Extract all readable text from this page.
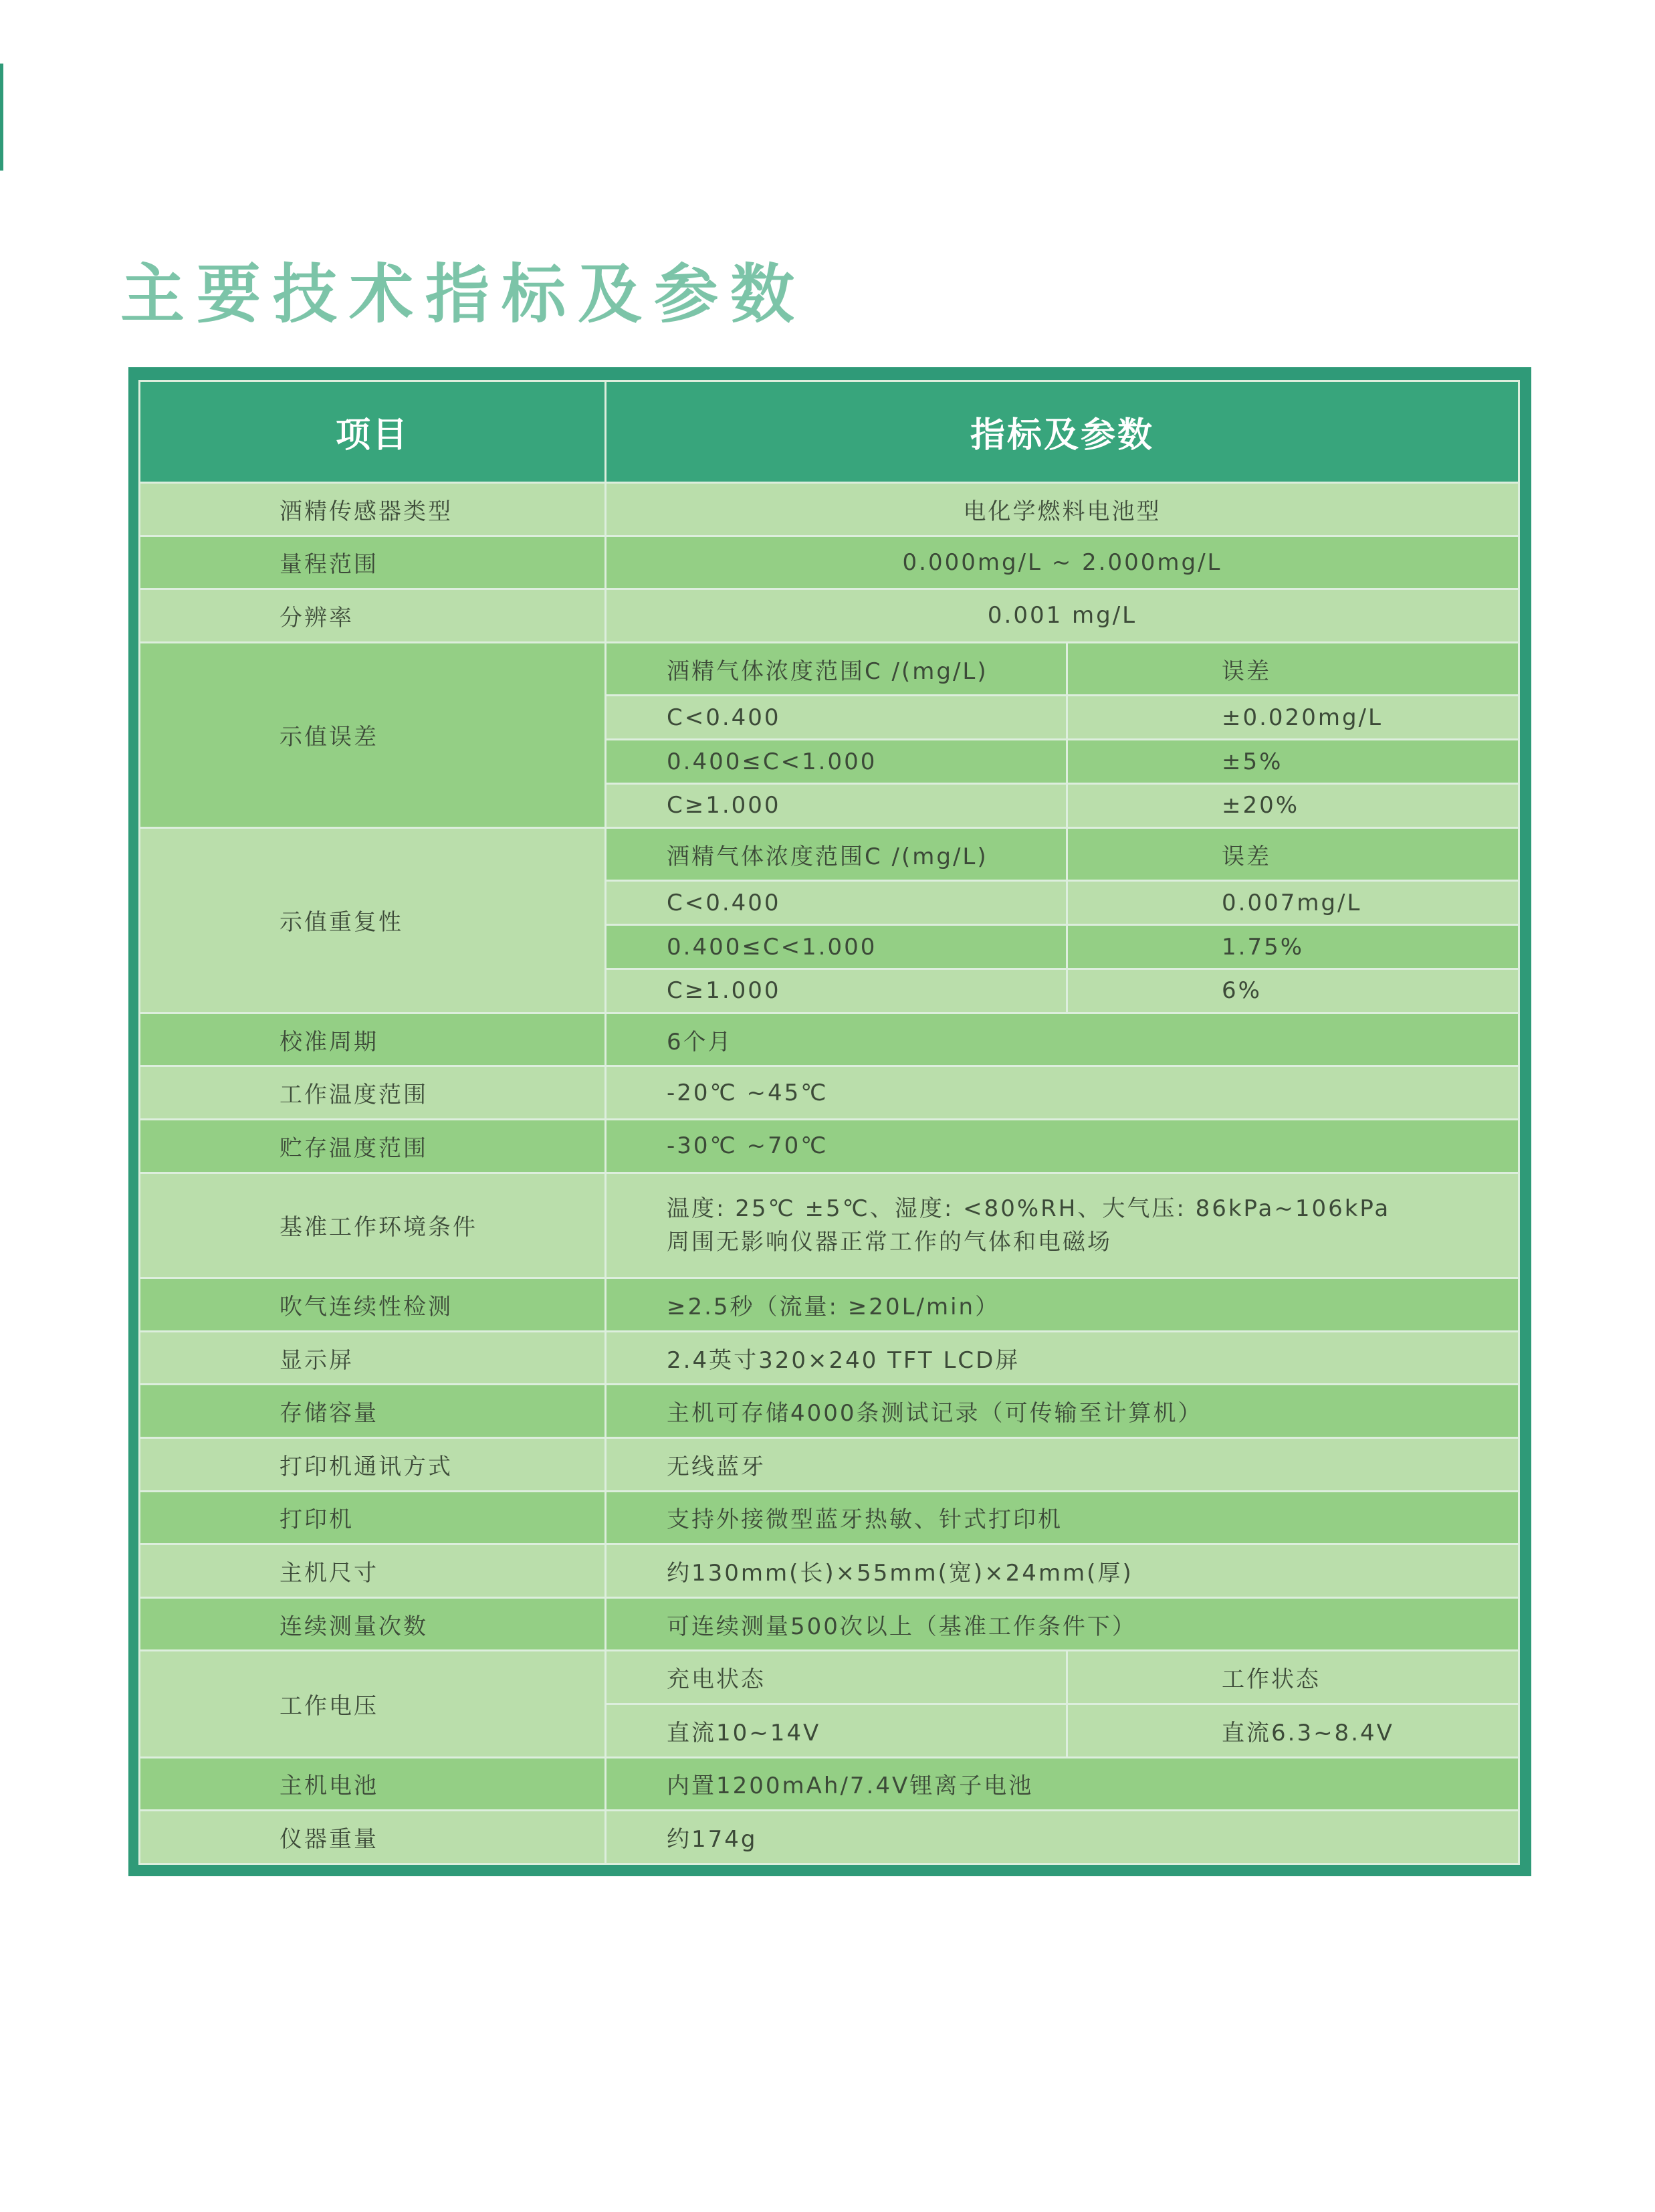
主要技术指标及参数
项目	指标及参数	
酒精传感器类型	电化学燃料电池型	
量程范围	0.000mg/L ~ 2.000mg/L	
分辨率	0.001 mg/L	
示值误差	酒精气体浓度范围C /(mg/L)	误差
	C<0.400	±0.020mg/L
	0.400≤C<1.000	±5%
	C≥1.000	±20%
示值重复性	酒精气体浓度范围C /(mg/L)	误差
	C<0.400	0.007mg/L
	0.400≤C<1.000	1.75%
	C≥1.000	6%
校准周期	6个月	
工作温度范围	-20℃ ~45℃	
贮存温度范围	-30℃ ~70℃	
基准工作环境条件	温度: 25℃ ±5℃、湿度: <80%RH、大气压: 86kPa~106kPa
周围无影响仪器正常工作的气体和电磁场	

吹气连续性检测	≥2.5秒（流量: ≥20L/min）	
显示屏	2.4英寸320×240 TFT LCD屏	
存储容量	主机可存储4000条测试记录（可传输至计算机）	
打印机通讯方式	无线蓝牙	
打印机	支持外接微型蓝牙热敏、针式打印机	
主机尺寸	约130mm(长)×55mm(宽)×24mm(厚)	
连续测量次数	可连续测量500次以上（基准工作条件下）	
工作电压	充电状态	工作状态
	直流10~14V	直流6.3~8.4V
主机电池	内置1200mAh/7.4V锂离子电池	
仪器重量	约174g	
